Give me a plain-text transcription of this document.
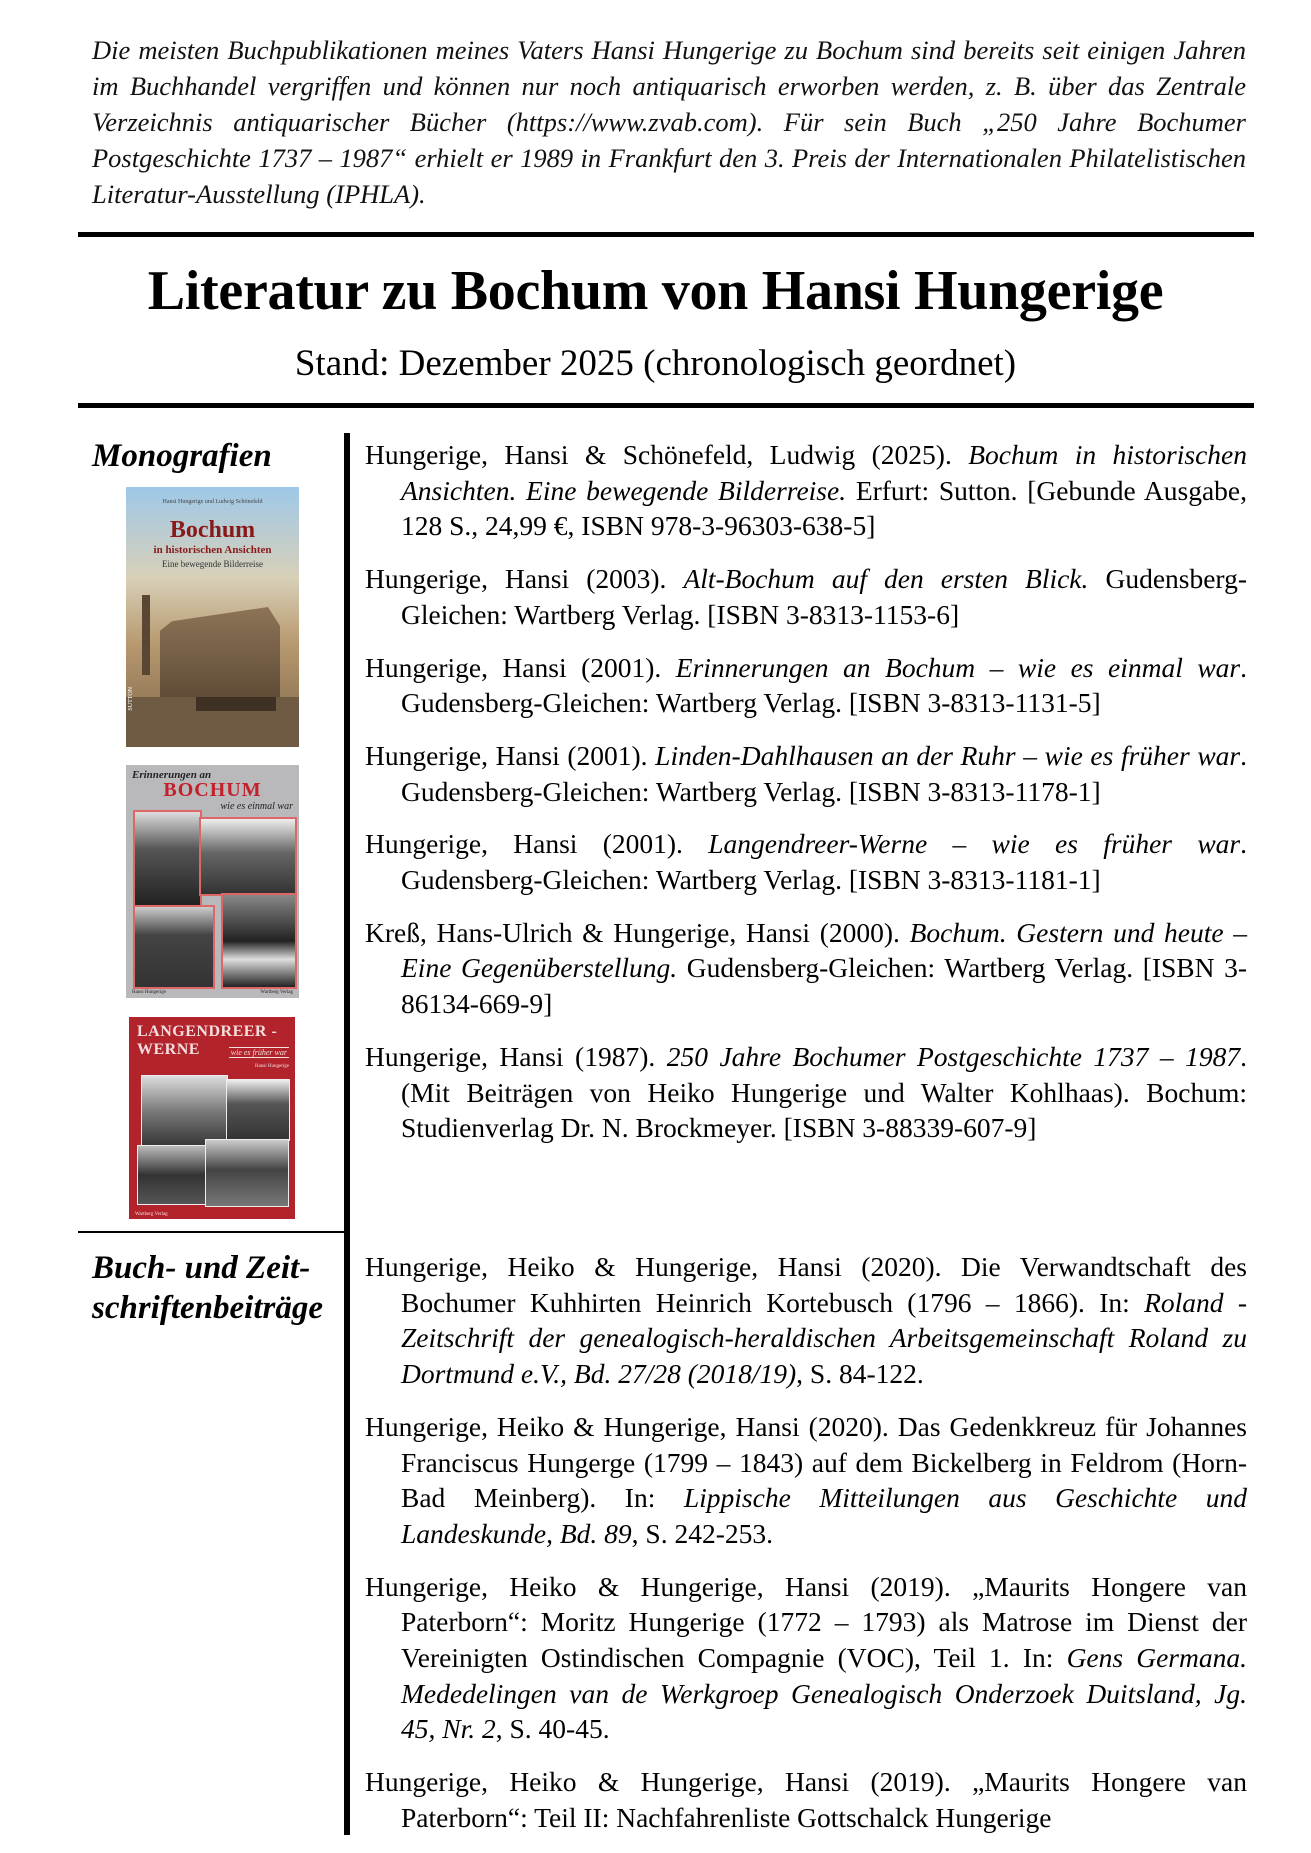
Die meisten Buchpublikationen meines Vaters Hansi Hungerige zu Bochum sind bereits seit einigen Jahren im Buchhandel vergriffen und können nur noch antiquarisch erworben werden, z. B. über das Zentrale Verzeichnis antiquarischer Bücher (https://www.zvab.com). Für sein Buch „250 Jahre Bochumer Postgeschichte 1737 – 1987“ erhielt er 1989 in Frankfurt den 3. Preis der Internationalen Philatelistischen Literatur-Ausstellung (IPHLA).
Literatur zu Bochum von Hansi Hungerige
Stand: Dezember 2025 (chronologisch geordnet)
Monografien
Hansi Hungerige und Ludwig Schönefeld
Bochum
in historischen Ansichten
Eine bewegende Bilderreise
SUTTON
Erinnerungen an
BOCHUM
wie es einmal war
Hansi Hungerige	Wartberg Verlag
LANGENDREER -
WERNE	wie es früher war
Hansi Hungerige
Wartberg Verlag
Hungerige, Hansi & Schönefeld, Ludwig (2025). Bochum in historischen Ansichten. Eine bewegende Bilderreise. Erfurt: Sutton. [Gebunde Ausgabe, 128 S., 24,99 €, ISBN 978-3-96303-638-5]
Hungerige, Hansi (2003). Alt-Bochum auf den ersten Blick. Gudensberg-Gleichen: Wartberg Verlag. [ISBN 3-8313-1153-6]
Hungerige, Hansi (2001). Erinnerungen an Bochum – wie es einmal war. Gudensberg-Gleichen: Wartberg Verlag. [ISBN 3-8313-1131-5]
Hungerige, Hansi (2001). Linden-Dahlhausen an der Ruhr – wie es früher war. Gudensberg-Gleichen: Wartberg Verlag. [ISBN 3-8313-1178-1]
Hungerige, Hansi (2001). Langendreer-Werne – wie es früher war. Gudensberg-Gleichen: Wartberg Verlag. [ISBN 3-8313-1181-1]
Kreß, Hans-Ulrich & Hungerige, Hansi (2000). Bochum. Gestern und heute – Eine Gegenüberstellung. Gudensberg-Gleichen: Wartberg Verlag. [ISBN 3-86134-669-9]
Hungerige, Hansi (1987). 250 Jahre Bochumer Postgeschichte 1737 – 1987. (Mit Beiträgen von Heiko Hungerige und Walter Kohlhaas). Bochum: Studienverlag Dr. N. Brockmeyer. [ISBN 3-88339-607-9]
Buch- und Zeitschriftenbeiträge
Hungerige, Heiko & Hungerige, Hansi (2020). Die Verwandtschaft des Bochumer Kuhhirten Heinrich Kortebusch (1796 – 1866). In: Roland - Zeitschrift der genealogisch-heraldischen Arbeitsgemeinschaft Roland zu Dortmund e.V., Bd. 27/28 (2018/19), S. 84-122.
Hungerige, Heiko & Hungerige, Hansi (2020). Das Gedenkkreuz für Johannes Franciscus Hungerge (1799 – 1843) auf dem Bickelberg in Feldrom (Horn-Bad Meinberg). In: Lippische Mitteilungen aus Geschichte und Landeskunde, Bd. 89, S. 242-253.
Hungerige, Heiko & Hungerige, Hansi (2019). „Maurits Hongere van Paterborn“: Moritz Hungerige (1772 – 1793) als Matrose im Dienst der Vereinigten Ostindischen Compagnie (VOC), Teil 1. In: Gens Germana. Mededelingen van de Werkgroep Genealogisch Onderzoek Duitsland, Jg. 45, Nr. 2, S. 40-45.
Hungerige, Heiko & Hungerige, Hansi (2019). „Maurits Hongere van Paterborn“: Teil II: Nachfahrenliste Gottschalck Hungerige
